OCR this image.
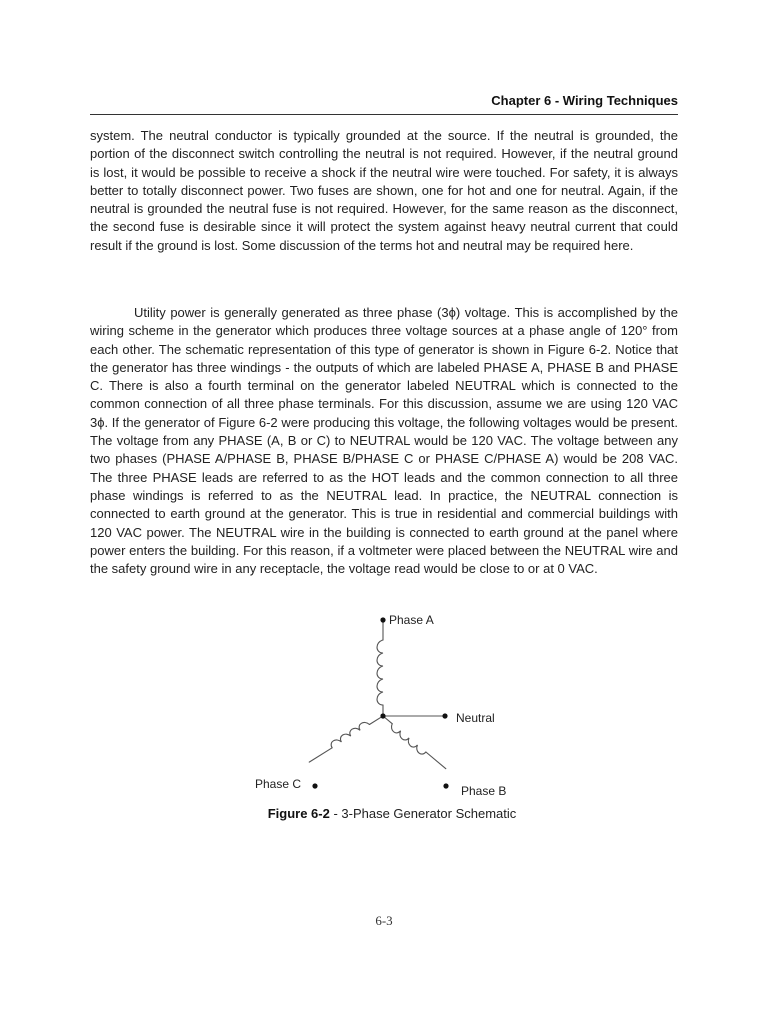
Chapter 6 - Wiring Techniques

system. The neutral conductor is typically grounded at the source. If the neutral is grounded, the portion of the disconnect switch controlling the neutral is not required. However, if the neutral ground is lost, it would be possible to receive a shock if the neutral wire were touched. For safety, it is always better to totally disconnect power. Two fuses are shown, one for hot and one for neutral. Again, if the neutral is grounded the neutral fuse is not required. However, for the same reason as the disconnect, the second fuse is desirable since it will protect the system against heavy neutral current that could result if the ground is lost. Some discussion of the terms hot and neutral may be required here.

Utility power is generally generated as three phase (3ϕ) voltage. This is accomplished by the wiring scheme in the generator which produces three voltage sources at a phase angle of 120° from each other. The schematic representation of this type of generator is shown in Figure 6-2. Notice that the generator has three windings - the outputs of which are labeled PHASE A, PHASE B and PHASE C. There is also a fourth terminal on the generator labeled NEUTRAL which is connected to the common connection of all three phase terminals. For this discussion, assume we are using 120 VAC 3ϕ. If the generator of Figure 6-2 were producing this voltage, the following voltages would be present. The voltage from any PHASE (A, B or C) to NEUTRAL would be 120 VAC. The voltage between any two phases (PHASE A/PHASE B, PHASE B/PHASE C or PHASE C/PHASE A) would be 208 VAC. The three PHASE leads are referred to as the HOT leads and the common connection to all three phase windings is referred to as the NEUTRAL lead. In practice, the NEUTRAL connection is connected to earth ground at the generator. This is true in residential and commercial buildings with 120 VAC power. The NEUTRAL wire in the building is connected to earth ground at the panel where power enters the building. For this reason, if a voltmeter were placed between the NEUTRAL wire and the safety ground wire in any receptacle, the voltage read would be close to or at 0 VAC.

Phase A
Neutral
Phase B
Phase C
Figure 6-2 - 3-Phase Generator Schematic
6-3
